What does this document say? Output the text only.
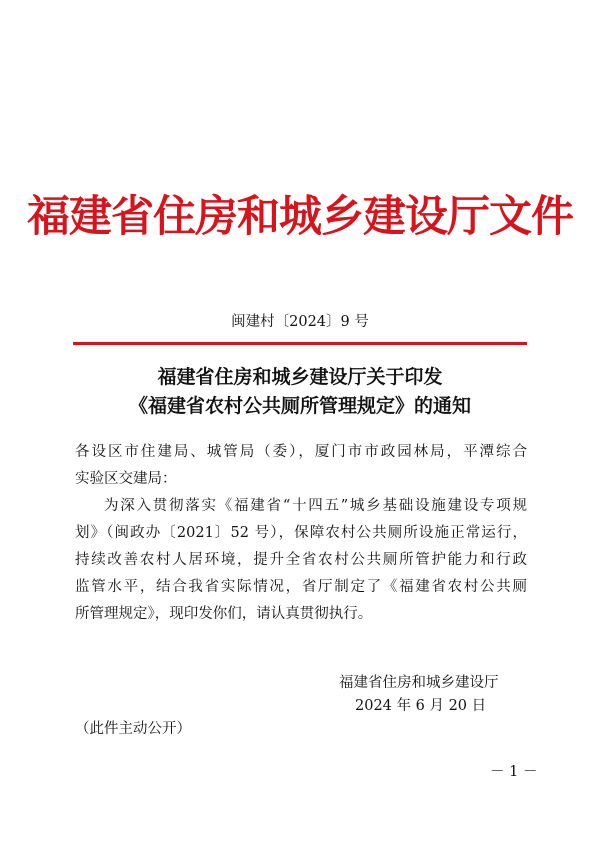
福建省住房和城乡建设厅文件
闽建村〔2024〕9 号
福建省住房和城乡建设厅关于印发
《福建省农村公共厕所管理规定》的通知
各设区市住建局、城管局（委），厦门市市政园林局，平潭综合
实验区交建局：
为深入贯彻落实《福建省“十四五”城乡基础设施建设专项规
划》（闽政办〔2021〕52 号），保障农村公共厕所设施正常运行，
持续改善农村人居环境，提升全省农村公共厕所管护能力和行政
监管水平，结合我省实际情况，省厅制定了《福建省农村公共厕
所管理规定》，现印发你们，请认真贯彻执行。
福建省住房和城乡建设厅
2024 年 6 月 20 日
（此件主动公开）
－ 1 －
